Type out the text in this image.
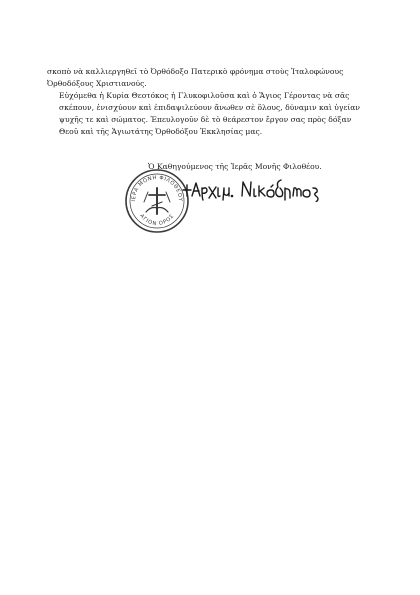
σκοπὸ νὰ καλλιεργηθεῖ τὸ Ὀρθόδοξο Πατερικὸ φρόνημα στοὺς Ἰταλοφώνους
Ὀρθοδόξους Χριστιανούς.

Εὐχόμεθα ἡ Κυρία Θεοτόκος ἡ Γλυκοφιλοῦσα καὶ ὁ Ἅγιος Γέροντας νὰ σᾶς
σκέπουν, ἐνισχύουν καὶ ἐπιδαψιλεύουν ἄνωθεν σὲ ὅλους, δύναμιν καὶ ὑγείαν
ψυχῆς τε καὶ σώματος. Ἐπευλογοῦν δὲ τὸ θεάρεστον ἔργον σας πρὸς δόξαν
Θεοῦ καὶ τῆς Ἁγιωτάτης Ὀρθοδόξου Ἐκκλησίας μας.

Ὁ Καθηγούμενος τῆς Ἱερᾶς Μονῆς Φιλοθέου.
ΙΕΡΑ ΜΟΝΗ ΦΙΛΟΘΕΟΥ
ΑΓΙΟΝ ΟΡΟΣ
